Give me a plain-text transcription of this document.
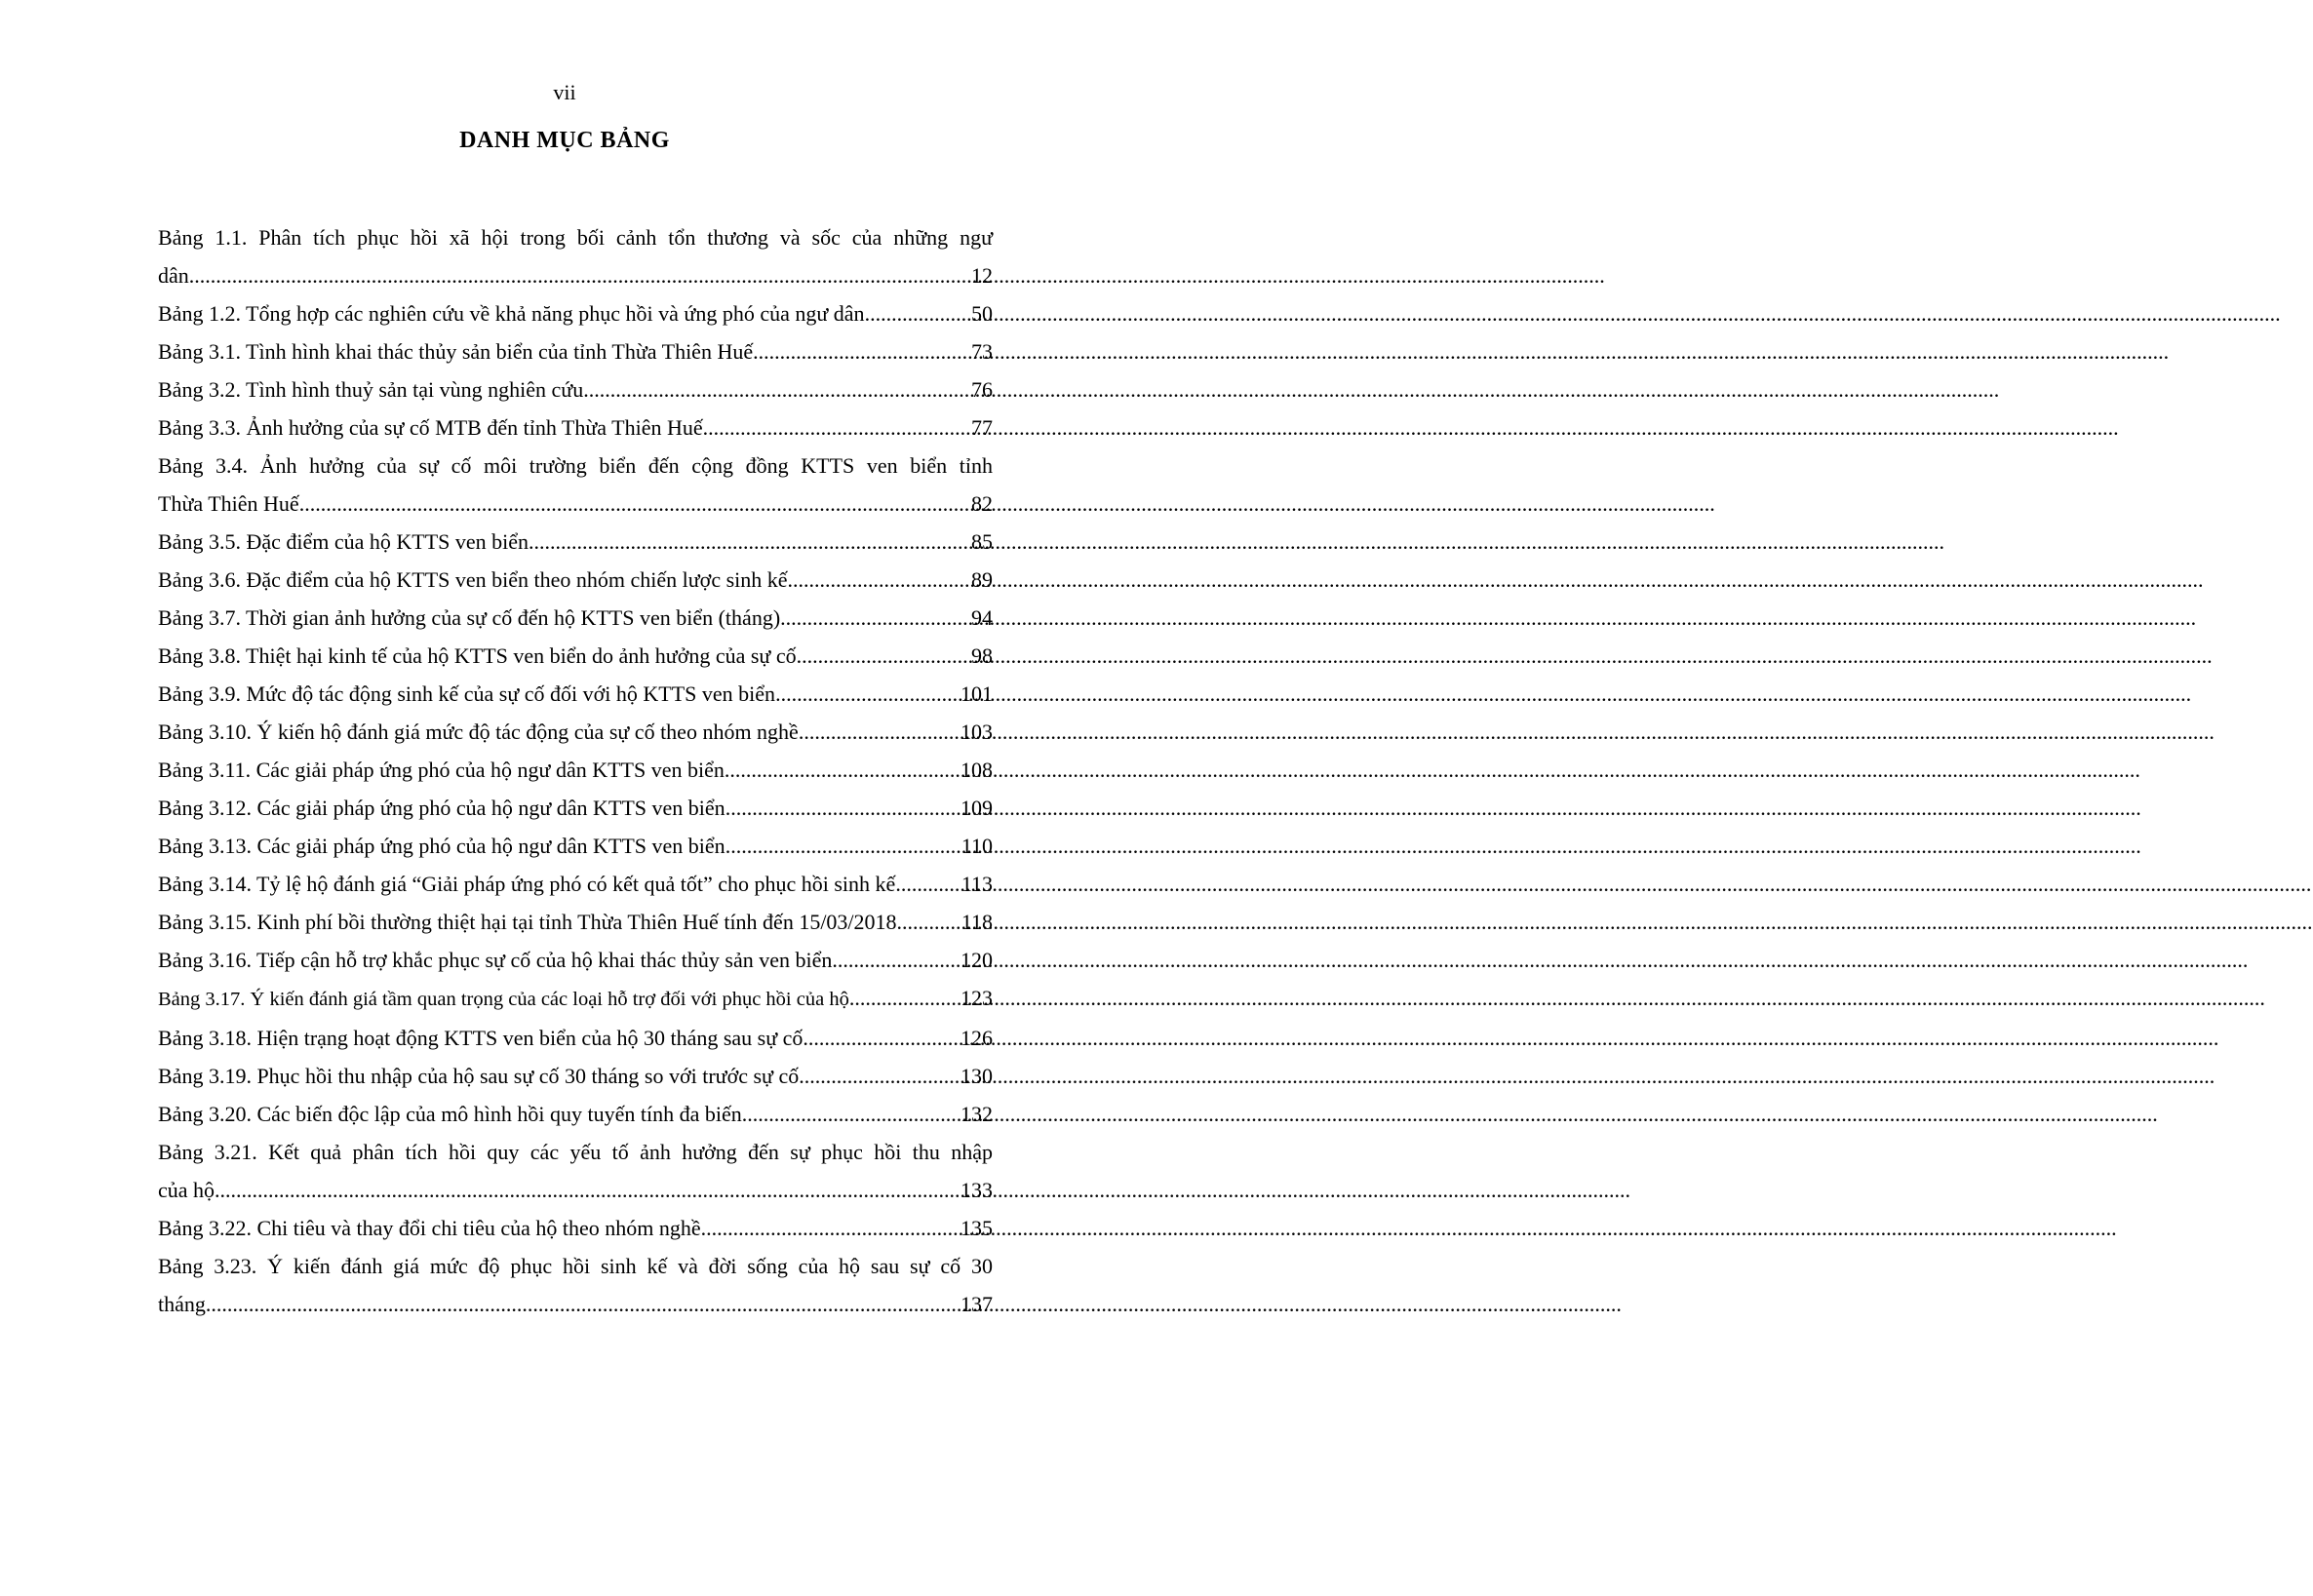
vii
DANH MỤC BẢNG
Bảng 1.1. Phân tích phục hồi xã hội trong bối cảnh tổn thương và sốc của những ngư
dân .....	12
Bảng 1.2. Tổng hợp các nghiên cứu về khả năng phục hồi và ứng phó của ngư dân .....	50
Bảng 3.1. Tình hình khai thác thủy sản biển của tỉnh Thừa Thiên Huế .....	73
Bảng 3.2. Tình hình thuỷ sản tại vùng nghiên cứu .....	76
Bảng 3.3. Ảnh hưởng của sự cố MTB đến tỉnh Thừa Thiên Huế .....	77
Bảng 3.4. Ảnh hưởng của sự cố môi trường biển đến cộng đồng KTTS ven biển tỉnh
Thừa Thiên Huế .....	82
Bảng 3.5. Đặc điểm của hộ KTTS ven biển .....	85
Bảng 3.6. Đặc điểm của hộ KTTS ven biển theo nhóm chiến lược sinh kế .....	89
Bảng 3.7. Thời gian ảnh hưởng của sự cố đến hộ KTTS ven biển (tháng) .....	94
Bảng 3.8. Thiệt hại kinh tế của hộ KTTS ven biển do ảnh hưởng của sự cố .....	98
Bảng 3.9. Mức độ tác động sinh kế của sự cố đối với hộ KTTS ven biển .....	101
Bảng 3.10. Ý kiến hộ đánh giá mức độ tác động của sự cố theo nhóm nghề .....	103
Bảng 3.11. Các giải pháp ứng phó của hộ ngư dân KTTS ven biển .....	108
Bảng 3.12. Các giải pháp ứng phó của hộ ngư dân KTTS ven biển .....	109
Bảng 3.13. Các giải pháp ứng phó của hộ ngư dân KTTS ven biển .....	110
Bảng 3.14. Tỷ lệ hộ đánh giá “Giải pháp ứng phó có kết quả tốt” cho phục hồi sinh kế .....	113
Bảng 3.15. Kinh phí bồi thường thiệt hại tại tỉnh Thừa Thiên Huế tính đến 15/03/2018 .....	118
Bảng 3.16. Tiếp cận hỗ trợ khắc phục sự cố của hộ khai thác thủy sản ven biển .....	120
Bảng 3.17. Ý kiến đánh giá tầm quan trọng của các loại hỗ trợ đối với phục hồi của hộ .....	123
Bảng 3.18. Hiện trạng hoạt động KTTS ven biển của hộ 30 tháng sau sự cố .....	126
Bảng 3.19. Phục hồi thu nhập của hộ sau sự cố 30 tháng so với trước sự cố .....	130
Bảng 3.20. Các biến độc lập của mô hình hồi quy tuyến tính đa biến .....	132
Bảng 3.21. Kết quả phân tích hồi quy các yếu tố ảnh hưởng đến sự phục hồi thu nhập
của hộ .....	133
Bảng 3.22. Chi tiêu và thay đổi chi tiêu của hộ theo nhóm nghề .....	135
Bảng 3.23. Ý kiến đánh giá mức độ phục hồi sinh kế và đời sống của hộ sau sự cố 30
tháng .....	137
